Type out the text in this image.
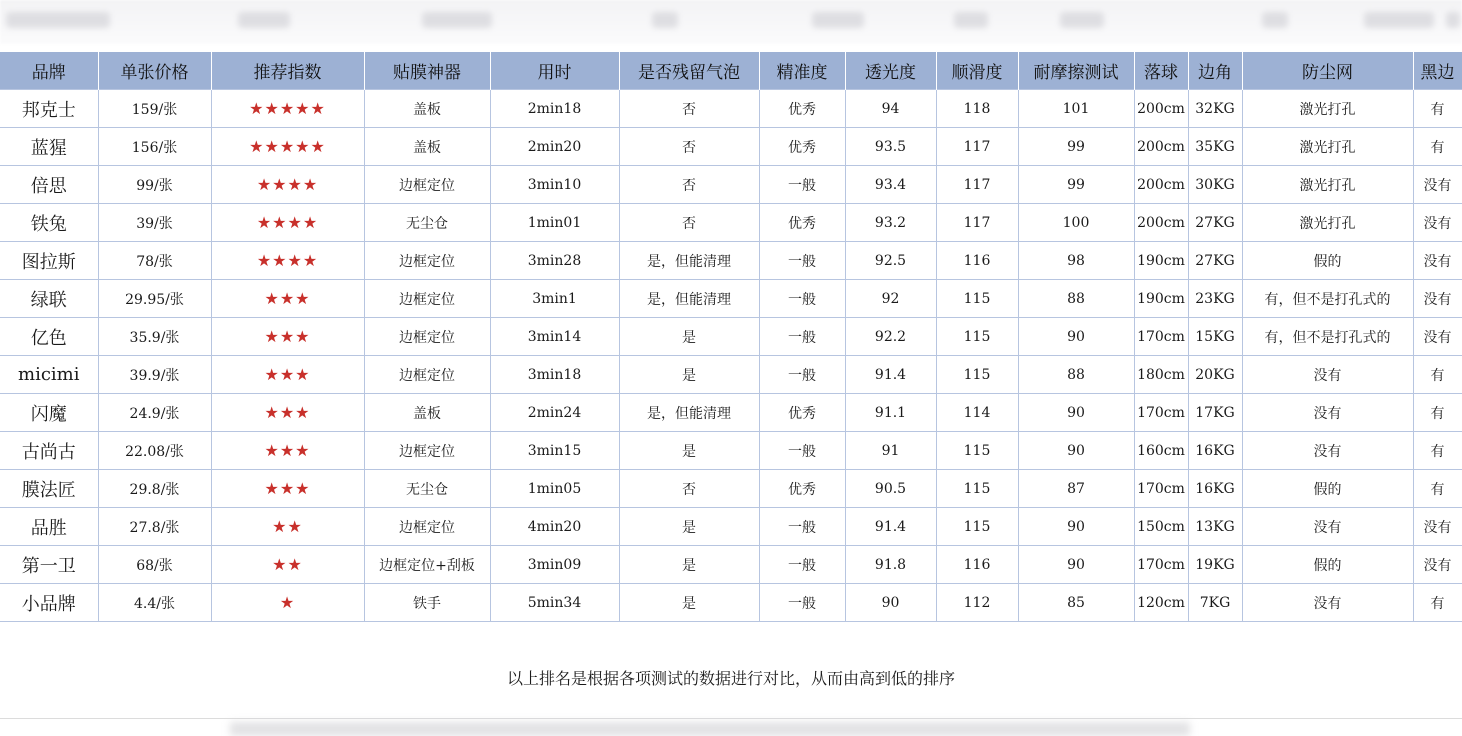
品牌	单张价格	推荐指数	贴膜神器	用时	是否残留气泡	精准度	透光度	顺滑度	耐摩擦测试	落球	边角	防尘网	黑边
邦克士	159/张	★★★★★	盖板	2min18	否	优秀	94	118	101	200cm	32KG	激光打孔	有
蓝猩	156/张	★★★★★	盖板	2min20	否	优秀	93.5	117	99	200cm	35KG	激光打孔	有
倍思	99/张	★★★★	边框定位	3min10	否	一般	93.4	117	99	200cm	30KG	激光打孔	没有
铁兔	39/张	★★★★	无尘仓	1min01	否	优秀	93.2	117	100	200cm	27KG	激光打孔	没有
图拉斯	78/张	★★★★	边框定位	3min28	是，但能清理	一般	92.5	116	98	190cm	27KG	假的	没有
绿联	29.95/张	★★★	边框定位	3min1	是，但能清理	一般	92	115	88	190cm	23KG	有，但不是打孔式的	没有
亿色	35.9/张	★★★	边框定位	3min14	是	一般	92.2	115	90	170cm	15KG	有，但不是打孔式的	没有
micimi	39.9/张	★★★	边框定位	3min18	是	一般	91.4	115	88	180cm	20KG	没有	有
闪魔	24.9/张	★★★	盖板	2min24	是，但能清理	优秀	91.1	114	90	170cm	17KG	没有	有
古尚古	22.08/张	★★★	边框定位	3min15	是	一般	91	115	90	160cm	16KG	没有	有
膜法匠	29.8/张	★★★	无尘仓	1min05	否	优秀	90.5	115	87	170cm	16KG	假的	有
品胜	27.8/张	★★	边框定位	4min20	是	一般	91.4	115	90	150cm	13KG	没有	没有
第一卫	68/张	★★	边框定位+刮板	3min09	是	一般	91.8	116	90	170cm	19KG	假的	没有
小品牌	4.4/张	★	铁手	5min34	是	一般	90	112	85	120cm	7KG	没有	有
以上排名是根据各项测试的数据进行对比，从而由高到低的排序
